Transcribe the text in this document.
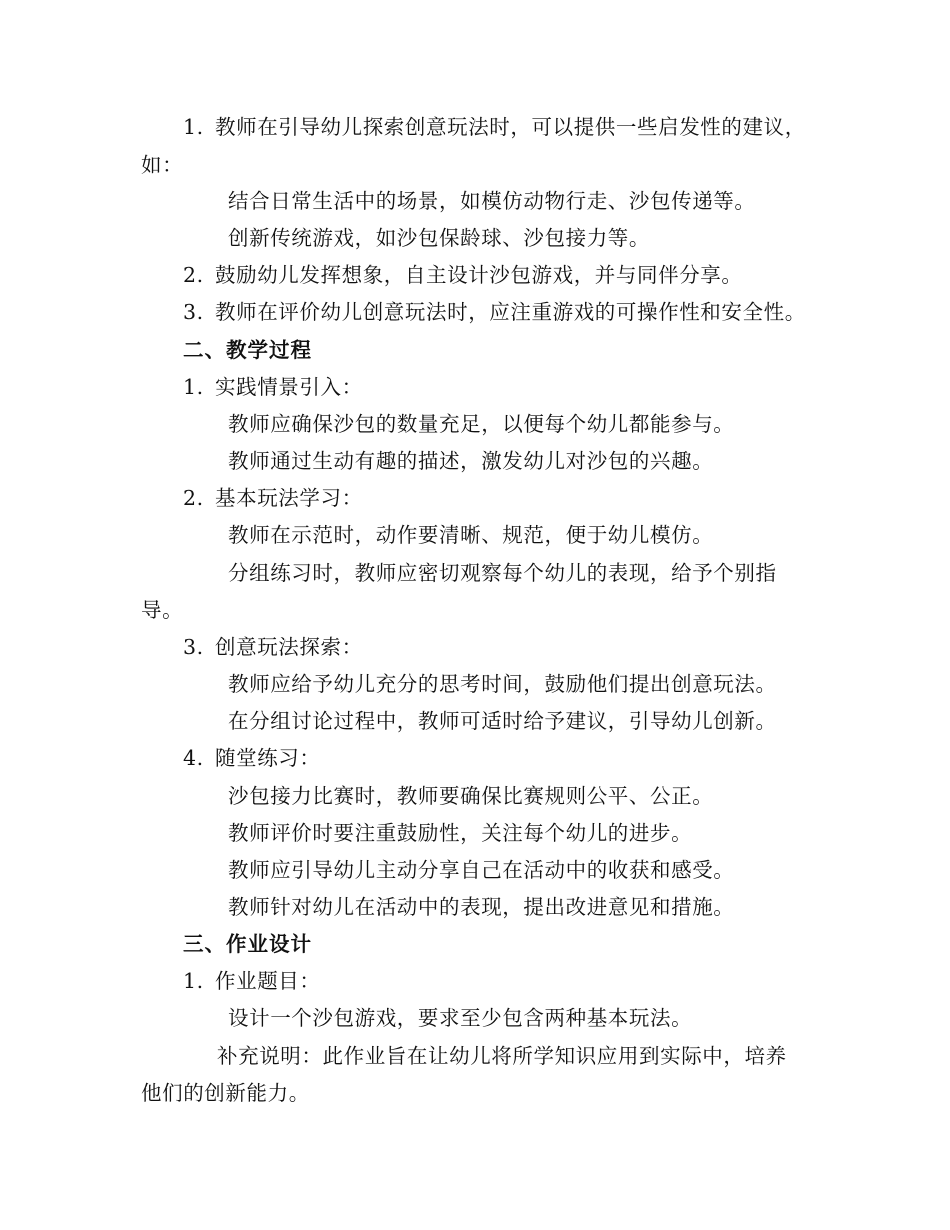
1. 教师在引导幼儿探索创意玩法时，可以提供一些启发性的建议，
如：
结合日常生活中的场景，如模仿动物行走、沙包传递等。
创新传统游戏，如沙包保龄球、沙包接力等。
2. 鼓励幼儿发挥想象，自主设计沙包游戏，并与同伴分享。
3. 教师在评价幼儿创意玩法时，应注重游戏的可操作性和安全性。
二、教学过程
1. 实践情景引入：
教师应确保沙包的数量充足，以便每个幼儿都能参与。
教师通过生动有趣的描述，激发幼儿对沙包的兴趣。
2. 基本玩法学习：
教师在示范时，动作要清晰、规范，便于幼儿模仿。
分组练习时，教师应密切观察每个幼儿的表现，给予个别指
导。
3. 创意玩法探索：
教师应给予幼儿充分的思考时间，鼓励他们提出创意玩法。
在分组讨论过程中，教师可适时给予建议，引导幼儿创新。
4. 随堂练习：
沙包接力比赛时，教师要确保比赛规则公平、公正。
教师评价时要注重鼓励性，关注每个幼儿的进步。
教师应引导幼儿主动分享自己在活动中的收获和感受。
教师针对幼儿在活动中的表现，提出改进意见和措施。
三、作业设计
1. 作业题目：
设计一个沙包游戏，要求至少包含两种基本玩法。
补充说明：此作业旨在让幼儿将所学知识应用到实际中，培养
他们的创新能力。
